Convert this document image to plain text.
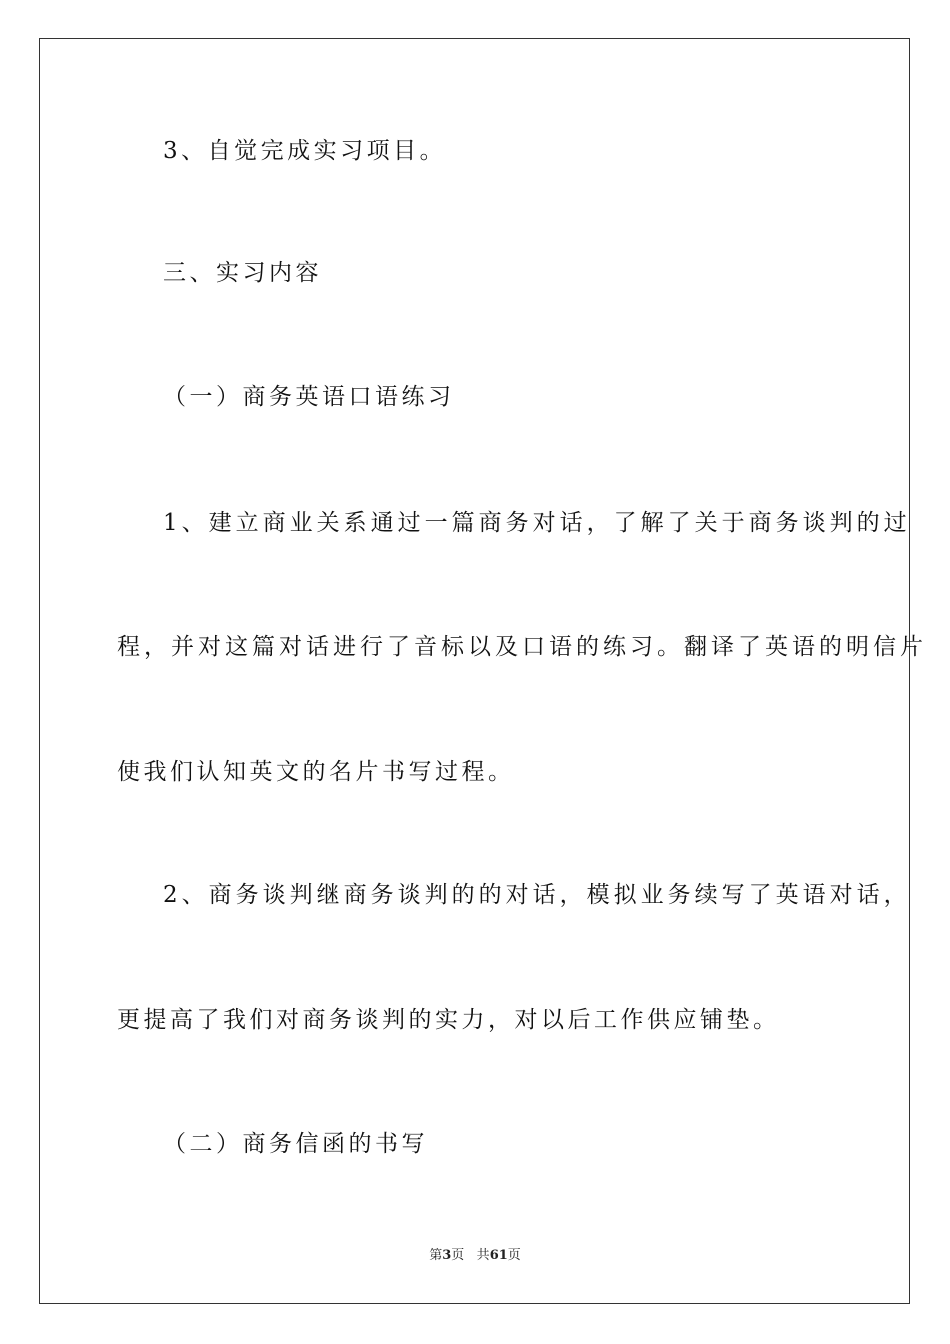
3、自觉完成实习项目。
三、实习内容
（一）商务英语口语练习
1、建立商业关系通过一篇商务对话，了解了关于商务谈判的过
程，并对这篇对话进行了音标以及口语的练习。翻译了英语的明信片
使我们认知英文的名片书写过程。
2、商务谈判继商务谈判的的对话，模拟业务续写了英语对话，
更提高了我们对商务谈判的实力，对以后工作供应铺垫。
（二）商务信函的书写
第3页 共61页
